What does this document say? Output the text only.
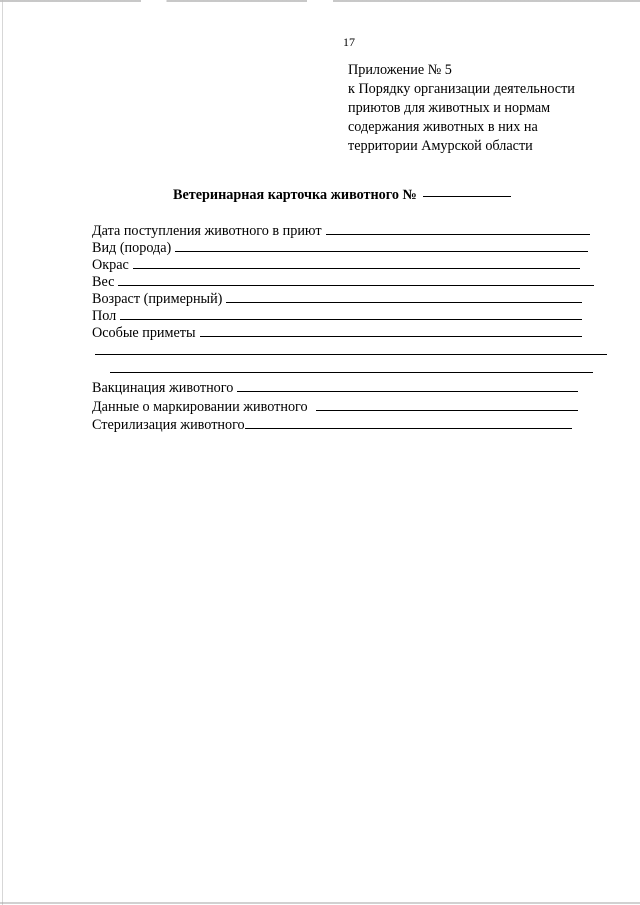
17
Приложение № 5
к Порядку организации деятельности
приютов для животных и нормам
содержания животных в них на
территории Амурской области
Ветеринарная карточка животного №
Дата поступления животного в приют
Вид (порода)
Окрас
Вес
Возраст (примерный)
Пол
Особые приметы
Вакцинация животного
Данные о маркировании животного
Стерилизация животного
